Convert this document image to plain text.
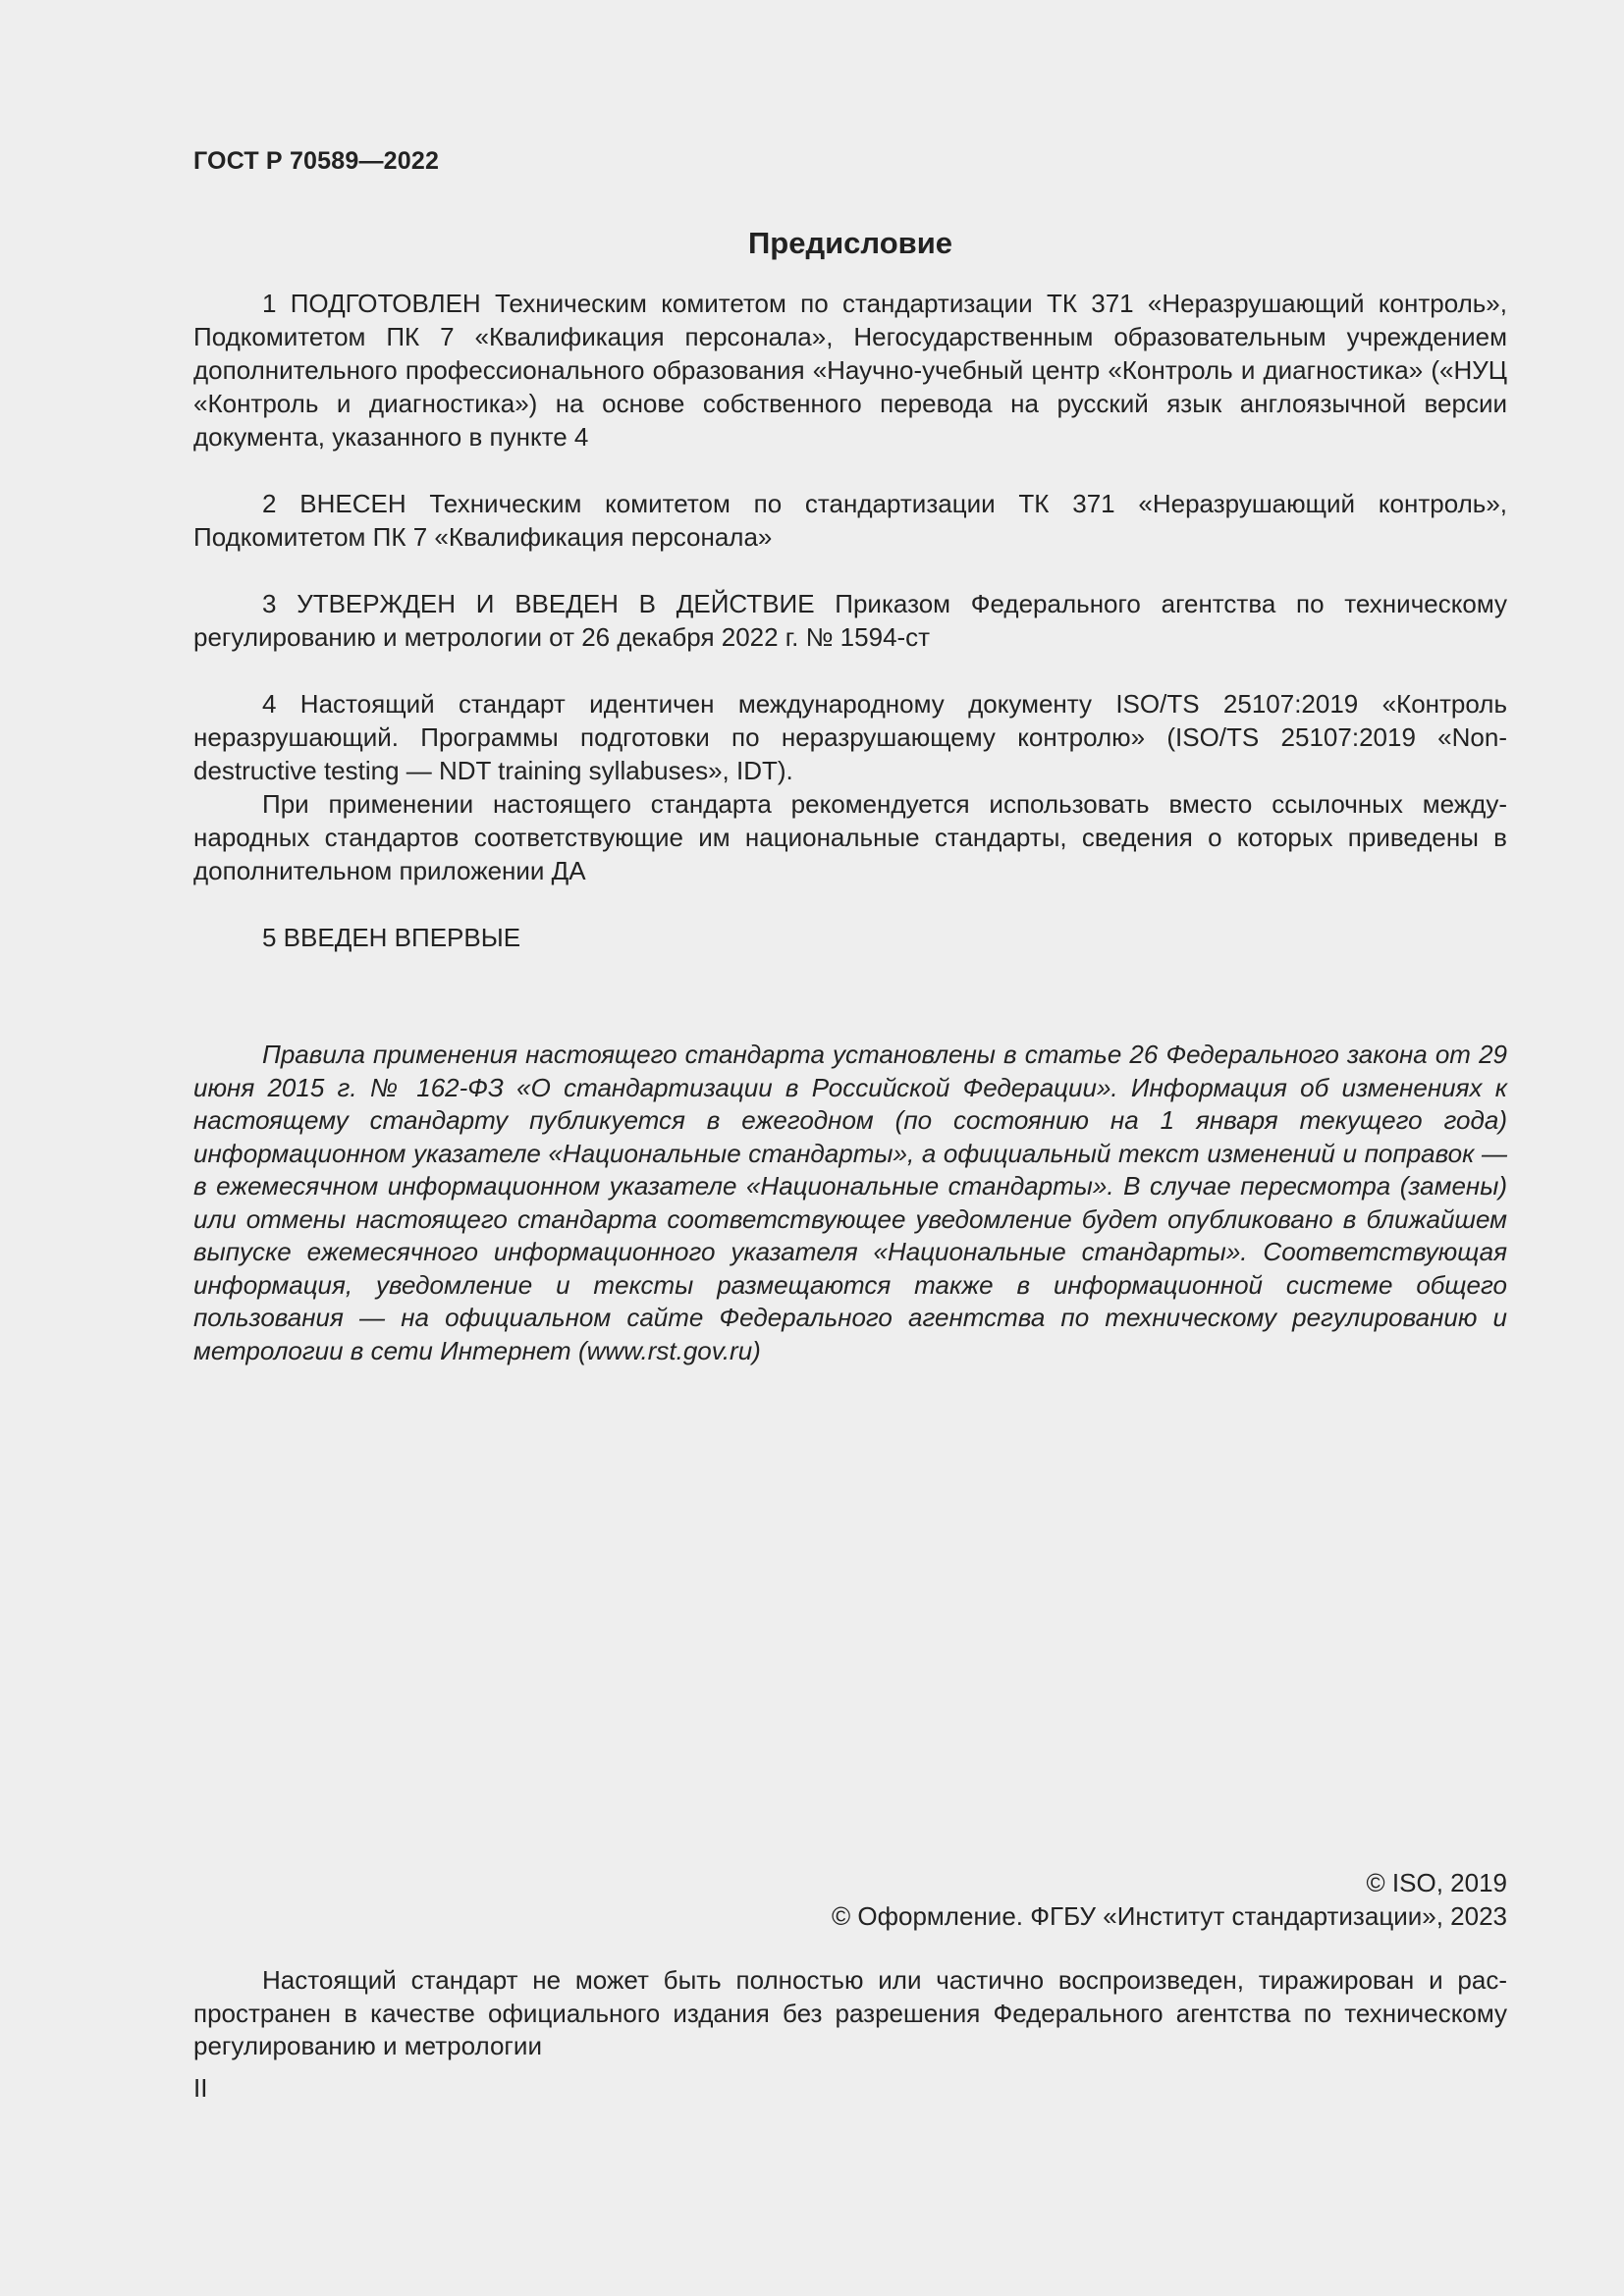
ГОСТ Р 70589—2022
Предисловие

1 ПОДГОТОВЛЕН Техническим комитетом по стандартизации ТК 371 «Неразрушающий контроль», Подкомитетом ПК 7 «Квалификация персонала», Негосударственным образовательным учреждением дополнительного профессионального образования «Научно-учебный центр «Контроль и диагностика» («НУЦ «Контроль и диагностика») на основе собственного перевода на русский язык англоязычной версии документа, указанного в пункте 4

2 ВНЕСЕН Техническим комитетом по стандартизации ТК 371 «Неразрушающий контроль», Подкомитетом ПК 7 «Квалификация персонала»

3 УТВЕРЖДЕН И ВВЕДЕН В ДЕЙСТВИЕ Приказом Федерального агентства по техническому регулированию и метрологии от 26 декабря 2022 г. № 1594-ст

4 Настоящий стандарт идентичен международному документу ISO/TS 25107:2019 «Контроль неразрушающий. Программы подготовки по неразрушающему контролю» (ISO/TS 25107:2019 «Non-destructive testing — NDT training syllabuses», IDT).

При применении настоящего стандарта рекомендуется использовать вместо ссылочных международных стандартов соответствующие им национальные стандарты, сведения о которых приведены в дополнительном приложении ДА

5 ВВЕДЕН ВПЕРВЫЕ

Правила применения настоящего стандарта установлены в статье 26 Федерального закона от 29 июня 2015 г. № 162-ФЗ «О стандартизации в Российской Федерации». Информация об изменениях к настоящему стандарту публикуется в ежегодном (по состоянию на 1 января текущего года) информационном указателе «Национальные стандарты», а официальный текст изменений и поправок — в ежемесячном информационном указателе «Национальные стандарты». В случае пересмотра (замены) или отмены настоящего стандарта соответствующее уведомление будет опубликовано в ближайшем выпуске ежемесячного информационного указателя «Национальные стандарты». Соответствующая информация, уведомление и тексты размещаются также в информационной системе общего пользования — на официальном сайте Федерального агентства по техническому регулированию и метрологии в сети Интернет (www.rst.gov.ru)

© ISO, 2019
© Оформление. ФГБУ «Институт стандартизации», 2023

Настоящий стандарт не может быть полностью или частично воспроизведен, тиражирован и распространен в качестве официального издания без разрешения Федерального агентства по техническому регулированию и метрологии

II
